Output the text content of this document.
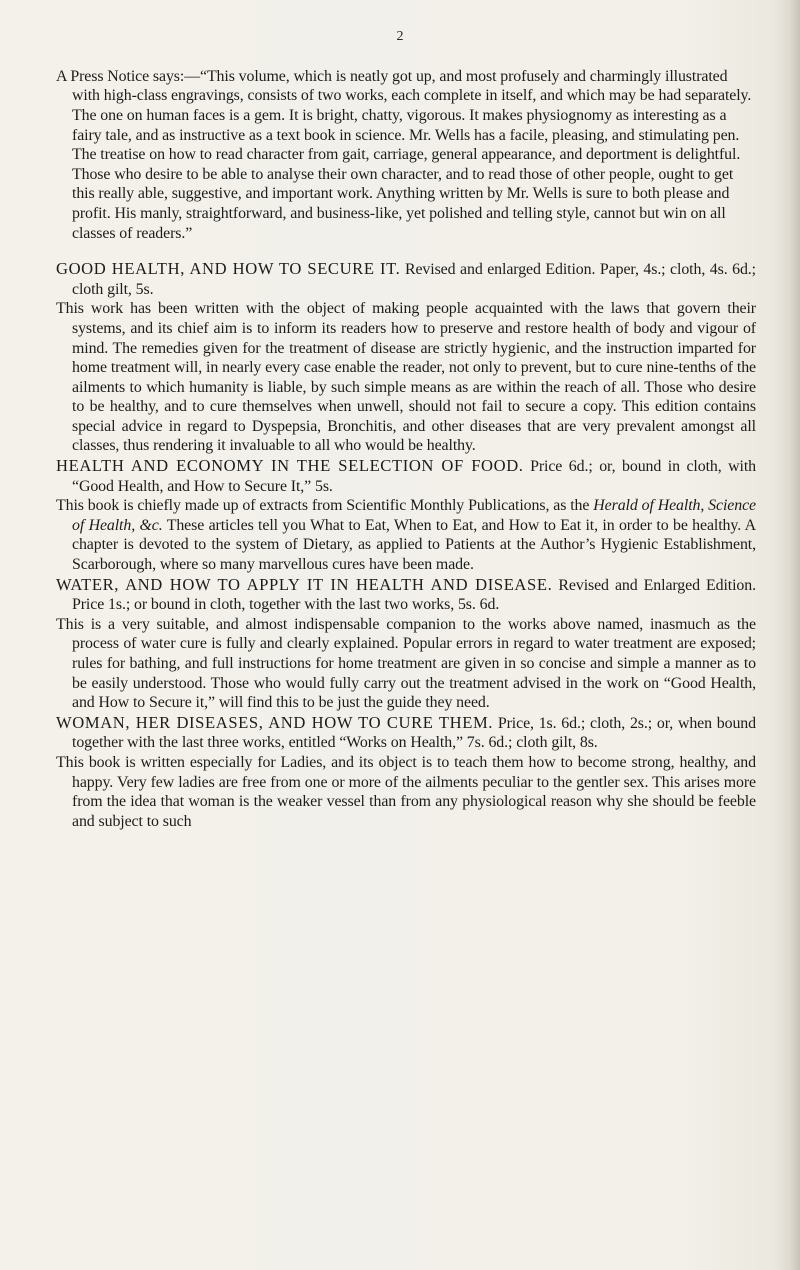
2

A Press Notice says:—“This volume, which is neatly got up, and most profusely and charmingly illustrated with high-class engravings, consists of two works, each complete in itself, and which may be had separately. The one on human faces is a gem. It is bright, chatty, vigorous. It makes physiognomy as interesting as a fairy tale, and as instructive as a text book in science. Mr. Wells has a facile, pleasing, and stimulating pen. The treatise on how to read character from gait, carriage, general appearance, and deportment is delightful. Those who desire to be able to analyse their own character, and to read those of other people, ought to get this really able, suggestive, and important work. Anything written by Mr. Wells is sure to both please and profit. His manly, straightforward, and business-like, yet polished and telling style, cannot but win on all classes of readers.”

GOOD HEALTH, AND HOW TO SECURE IT. Revised and enlarged Edition. Paper, 4s.; cloth, 4s. 6d.; cloth gilt, 5s.

This work has been written with the object of making people acquainted with the laws that govern their systems, and its chief aim is to inform its readers how to preserve and restore health of body and vigour of mind. The remedies given for the treatment of disease are strictly hygienic, and the instruction imparted for home treatment will, in nearly every case enable the reader, not only to prevent, but to cure nine-tenths of the ailments to which humanity is liable, by such simple means as are within the reach of all. Those who desire to be healthy, and to cure themselves when unwell, should not fail to secure a copy. This edition contains special advice in regard to Dyspepsia, Bronchitis, and other diseases that are very prevalent amongst all classes, thus rendering it invaluable to all who would be healthy.

HEALTH AND ECONOMY IN THE SELECTION OF FOOD. Price 6d.; or, bound in cloth, with “Good Health, and How to Secure It,” 5s.

This book is chiefly made up of extracts from Scientific Monthly Publications, as the Herald of Health, Science of Health, &c. These articles tell you What to Eat, When to Eat, and How to Eat it, in order to be healthy. A chapter is devoted to the system of Dietary, as applied to Patients at the Author’s Hygienic Establishment, Scarborough, where so many marvellous cures have been made.

WATER, AND HOW TO APPLY IT IN HEALTH AND DISEASE. Revised and Enlarged Edition. Price 1s.; or bound in cloth, together with the last two works, 5s. 6d.

This is a very suitable, and almost indispensable companion to the works above named, inasmuch as the process of water cure is fully and clearly explained. Popular errors in regard to water treatment are exposed; rules for bathing, and full instructions for home treatment are given in so concise and simple a manner as to be easily understood. Those who would fully carry out the treatment advised in the work on “Good Health, and How to Secure it,” will find this to be just the guide they need.

WOMAN, HER DISEASES, AND HOW TO CURE THEM. Price, 1s. 6d.; cloth, 2s.; or, when bound together with the last three works, entitled “Works on Health,” 7s. 6d.; cloth gilt, 8s.

This book is written especially for Ladies, and its object is to teach them how to become strong, healthy, and happy. Very few ladies are free from one or more of the ailments peculiar to the gentler sex. This arises more from the idea that woman is the weaker vessel than from any physiological reason why she should be feeble and subject to such
